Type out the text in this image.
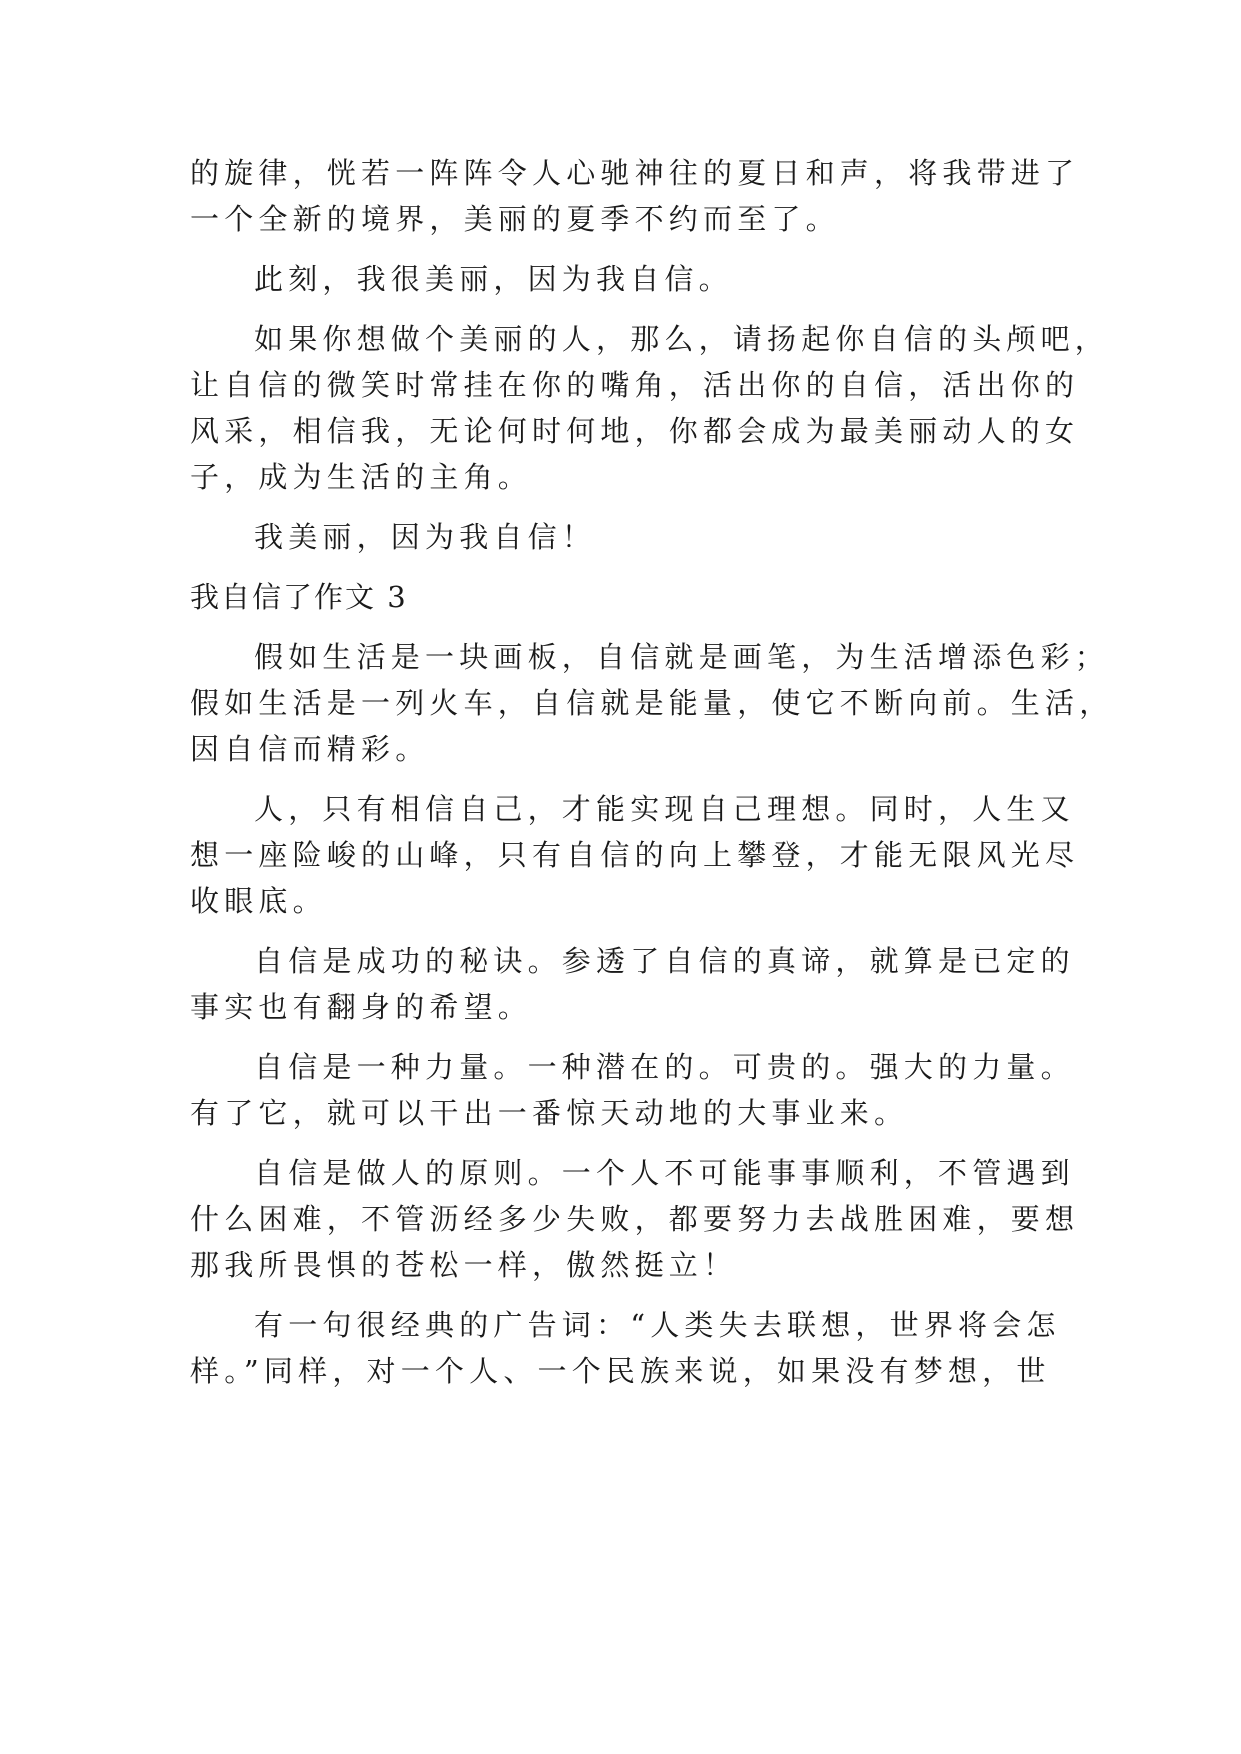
的旋律，恍若一阵阵令人心驰神往的夏日和声，将我带进了
一个全新的境界，美丽的夏季不约而至了。
此刻，我很美丽，因为我自信。
如果你想做个美丽的人，那么，请扬起你自信的头颅吧，
让自信的微笑时常挂在你的嘴角，活出你的自信，活出你的
风采，相信我，无论何时何地，你都会成为最美丽动人的女
子，成为生活的主角。
我美丽，因为我自信！
我自信了作文 3
假如生活是一块画板，自信就是画笔，为生活增添色彩；
假如生活是一列火车，自信就是能量，使它不断向前。生活，
因自信而精彩。
人，只有相信自己，才能实现自己理想。同时，人生又
想一座险峻的山峰，只有自信的向上攀登，才能无限风光尽
收眼底。
自信是成功的秘诀。参透了自信的真谛，就算是已定的
事实也有翻身的希望。
自信是一种力量。一种潜在的。可贵的。强大的力量。
有了它，就可以干出一番惊天动地的大事业来。
自信是做人的原则。一个人不可能事事顺利，不管遇到
什么困难，不管沥经多少失败，都要努力去战胜困难，要想
那我所畏惧的苍松一样，傲然挺立！
有一句很经典的广告词：“人类失去联想，世界将会怎
样。”同样，对一个人、一个民族来说，如果没有梦想，世
